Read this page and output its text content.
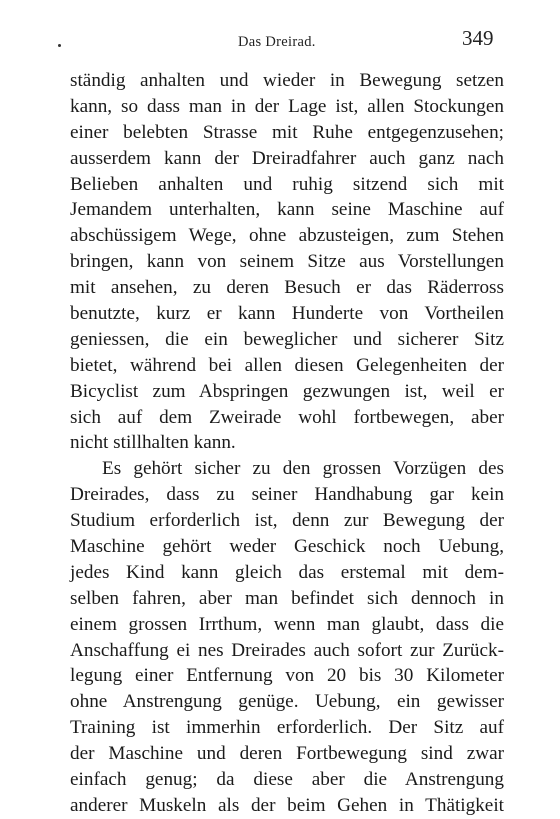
Das Dreirad.	349
ständig anhalten und wieder in Bewegung setzen
kann, so dass man in der Lage ist, allen Stockungen
einer belebten Strasse mit Ruhe entgegenzusehen;
ausserdem kann der Dreiradfahrer auch ganz nach
Belieben anhalten und ruhig sitzend sich mit
Jemandem unterhalten, kann seine Maschine auf
abschüssigem Wege, ohne abzusteigen, zum Stehen
bringen, kann von seinem Sitze aus Vorstellungen
mit ansehen, zu deren Besuch er das Räderross
benutzte, kurz er kann Hunderte von Vortheilen
geniessen, die ein beweglicher und sicherer Sitz
bietet, während bei allen diesen Gelegenheiten der
Bicyclist zum Abspringen gezwungen ist, weil er
sich auf dem Zweirade wohl fortbewegen, aber
nicht stillhalten kann.
Es gehört sicher zu den grossen Vorzügen des
Dreirades, dass zu seiner Handhabung gar kein
Studium erforderlich ist, denn zur Bewegung der
Maschine gehört weder Geschick noch Uebung,
jedes Kind kann gleich das erstemal mit dem-
selben fahren, aber man befindet sich dennoch in
einem grossen Irrthum, wenn man glaubt, dass die
Anschaffung ei nes Dreirades auch sofort zur Zurück-
legung einer Entfernung von 20 bis 30 Kilometer
ohne Anstrengung genüge. Uebung, ein gewisser
Training ist immerhin erforderlich. Der Sitz auf
der Maschine und deren Fortbewegung sind zwar
einfach genug; da diese aber die Anstrengung
anderer Muskeln als der beim Gehen in Thätigkeit
